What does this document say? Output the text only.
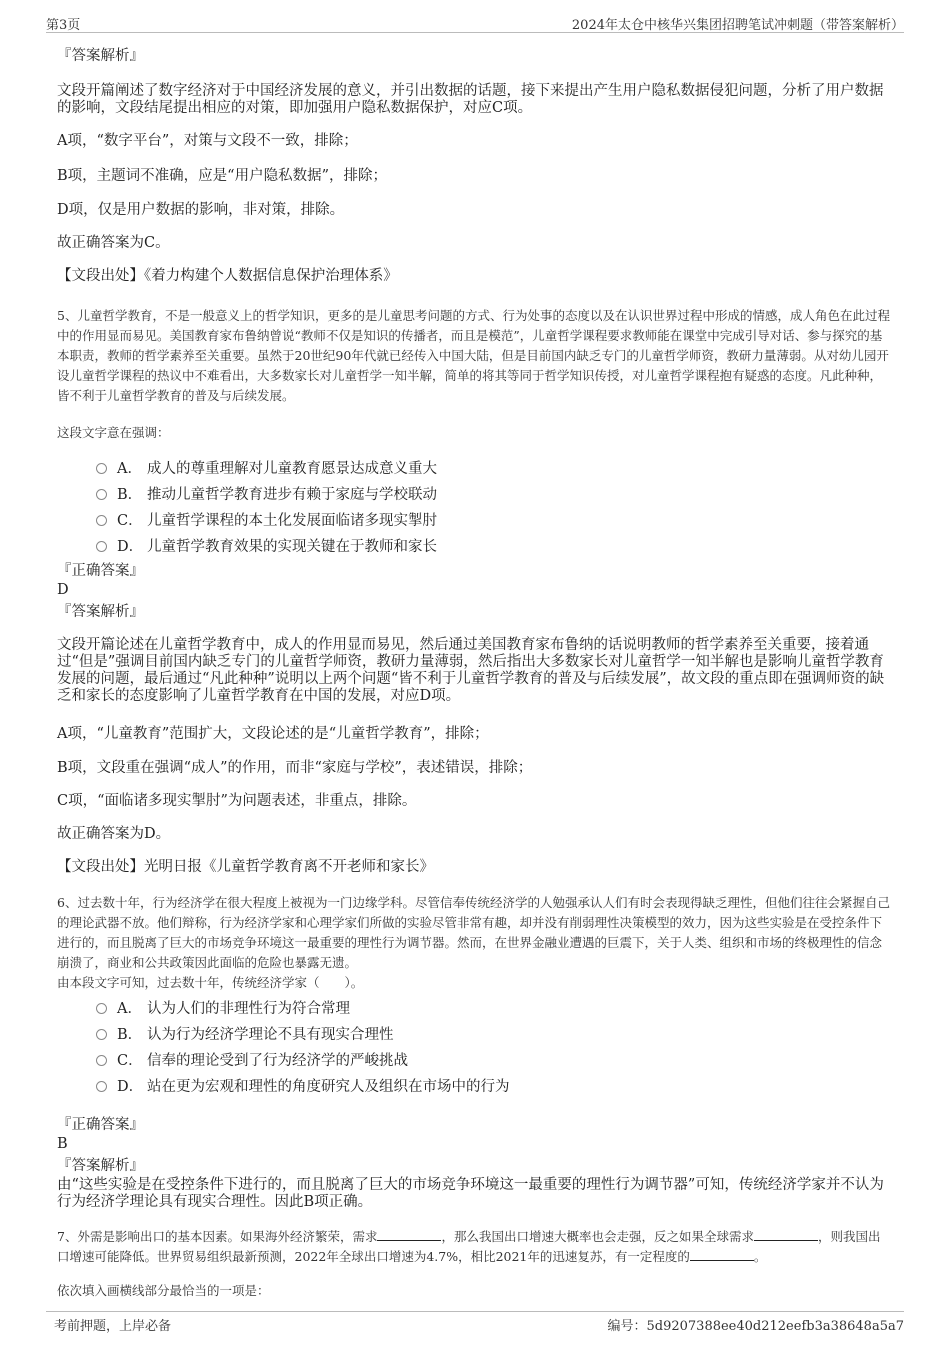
第3页	2024年太仓中核华兴集团招聘笔试冲刺题（带答案解析）
『答案解析』
文段开篇阐述了数字经济对于中国经济发展的意义，并引出数据的话题，接下来提出产生用户隐私数据侵犯问题，分析了用户数据的影响，文段结尾提出相应的对策，即加强用户隐私数据保护，对应C项。
A项，“数字平台”，对策与文段不一致，排除；
B项，主题词不准确，应是“用户隐私数据”，排除；
D项，仅是用户数据的影响，非对策，排除。
故正确答案为C。
【文段出处】《着力构建个人数据信息保护治理体系》
5、儿童哲学教育，不是一般意义上的哲学知识，更多的是儿童思考问题的方式、行为处事的态度以及在认识世界过程中形成的情感，成人角色在此过程中的作用显而易见。美国教育家布鲁纳曾说“教师不仅是知识的传播者，而且是模范”，儿童哲学课程要求教师能在课堂中完成引导对话、参与探究的基本职责，教师的哲学素养至关重要。虽然于20世纪90年代就已经传入中国大陆，但是目前国内缺乏专门的儿童哲学师资，教研力量薄弱。从对幼儿园开设儿童哲学课程的热议中不难看出，大多数家长对儿童哲学一知半解，简单的将其等同于哲学知识传授，对儿童哲学课程抱有疑惑的态度。凡此种种，皆不利于儿童哲学教育的普及与后续发展。
这段文字意在强调：
A． 成人的尊重理解对儿童教育愿景达成意义重大
B． 推动儿童哲学教育进步有赖于家庭与学校联动
C． 儿童哲学课程的本土化发展面临诸多现实掣肘
D． 儿童哲学教育效果的实现关键在于教师和家长
『正确答案』
D
『答案解析』
文段开篇论述在儿童哲学教育中，成人的作用显而易见，然后通过美国教育家布鲁纳的话说明教师的哲学素养至关重要，接着通过“但是”强调目前国内缺乏专门的儿童哲学师资，教研力量薄弱，然后指出大多数家长对儿童哲学一知半解也是影响儿童哲学教育发展的问题，最后通过“凡此种种”说明以上两个问题“皆不利于儿童哲学教育的普及与后续发展”，故文段的重点即在强调师资的缺乏和家长的态度影响了儿童哲学教育在中国的发展，对应D项。
A项，“儿童教育”范围扩大，文段论述的是“儿童哲学教育”，排除；
B项，文段重在强调“成人”的作用，而非“家庭与学校”，表述错误，排除；
C项，“面临诸多现实掣肘”为问题表述，非重点，排除。
故正确答案为D。
【文段出处】光明日报《儿童哲学教育离不开老师和家长》
6、过去数十年，行为经济学在很大程度上被视为一门边缘学科。尽管信奉传统经济学的人勉强承认人们有时会表现得缺乏理性，但他们往往会紧握自己的理论武器不放。他们辩称，行为经济学家和心理学家们所做的实验尽管非常有趣，却并没有削弱理性决策模型的效力，因为这些实验是在受控条件下进行的，而且脱离了巨大的市场竞争环境这一最重要的理性行为调节器。然而，在世界金融业遭遇的巨震下，关于人类、组织和市场的终极理性的信念崩溃了，商业和公共政策因此面临的危险也暴露无遗。
由本段文字可知，过去数十年，传统经济学家（　　）。
A． 认为人们的非理性行为符合常理
B． 认为行为经济学理论不具有现实合理性
C． 信奉的理论受到了行为经济学的严峻挑战
D． 站在更为宏观和理性的角度研究人及组织在市场中的行为
『正确答案』
B
『答案解析』
由“这些实验是在受控条件下进行的，而且脱离了巨大的市场竞争环境这一最重要的理性行为调节器”可知，传统经济学家并不认为行为经济学理论具有现实合理性。因此B项正确。
7、外需是影响出口的基本因素。如果海外经济繁荣，需求	，那么我国出口增速大概率也会走强，反之如果全球需求	，则我国出口增速可能降低。世界贸易组织最新预测，2022年全球出口增速为4.7%，相比2021年的迅速复苏，有一定程度的	。
依次填入画横线部分最恰当的一项是：
考前押题，上岸必备	编号：5d9207388ee40d212eefb3a38648a5a7
